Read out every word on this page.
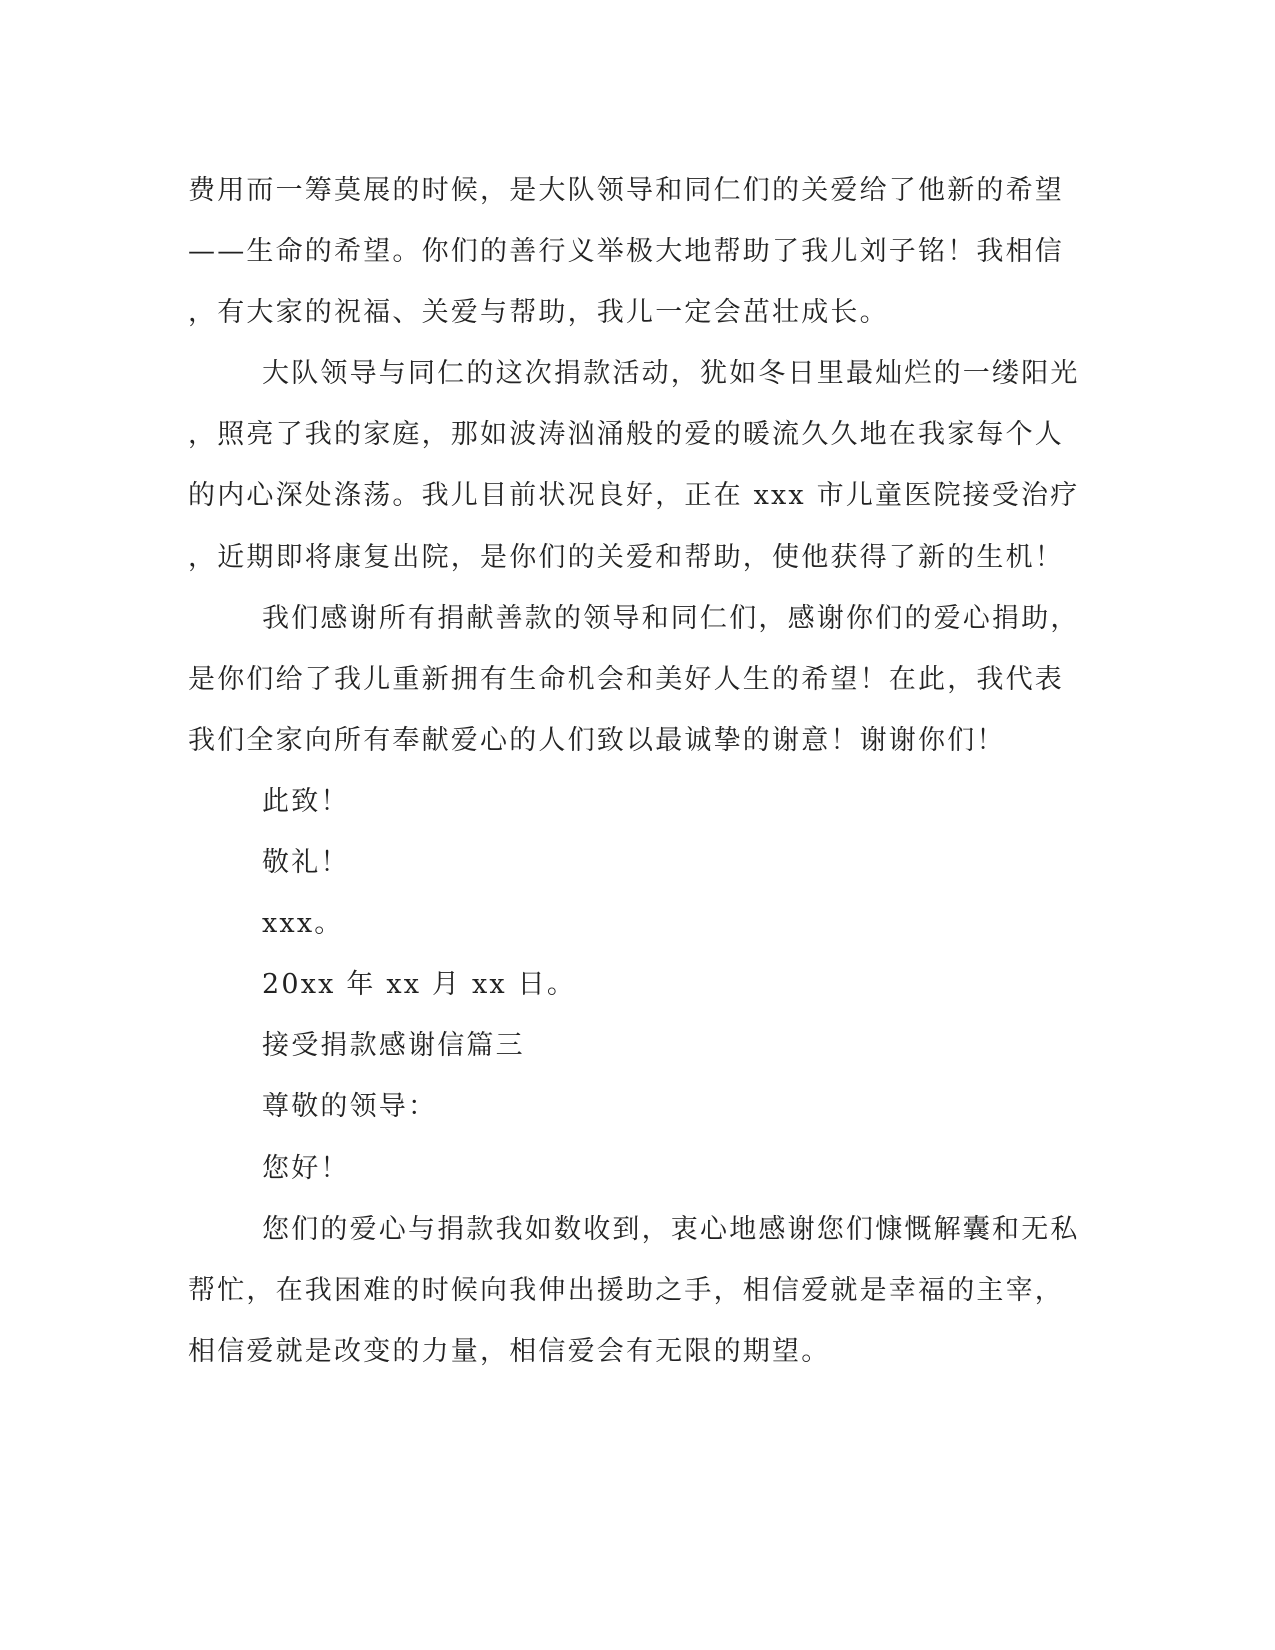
费用而一筹莫展的时候，是大队领导和同仁们的关爱给了他新的希望
——生命的希望。你们的善行义举极大地帮助了我儿刘子铭！我相信
，有大家的祝福、关爱与帮助，我儿一定会茁壮成长。
大队领导与同仁的这次捐款活动，犹如冬日里最灿烂的一缕阳光
，照亮了我的家庭，那如波涛汹涌般的爱的暖流久久地在我家每个人
的内心深处涤荡。我儿目前状况良好，正在 xxx 市儿童医院接受治疗
，近期即将康复出院，是你们的关爱和帮助，使他获得了新的生机！
我们感谢所有捐献善款的领导和同仁们，感谢你们的爱心捐助，
是你们给了我儿重新拥有生命机会和美好人生的希望！在此，我代表
我们全家向所有奉献爱心的人们致以最诚挚的谢意！谢谢你们！
此致！
敬礼！
xxx。
20xx 年 xx 月 xx 日。
接受捐款感谢信篇三
尊敬的领导：
您好！
您们的爱心与捐款我如数收到，衷心地感谢您们慷慨解囊和无私
帮忙，在我困难的时候向我伸出援助之手，相信爱就是幸福的主宰，
相信爱就是改变的力量，相信爱会有无限的期望。
